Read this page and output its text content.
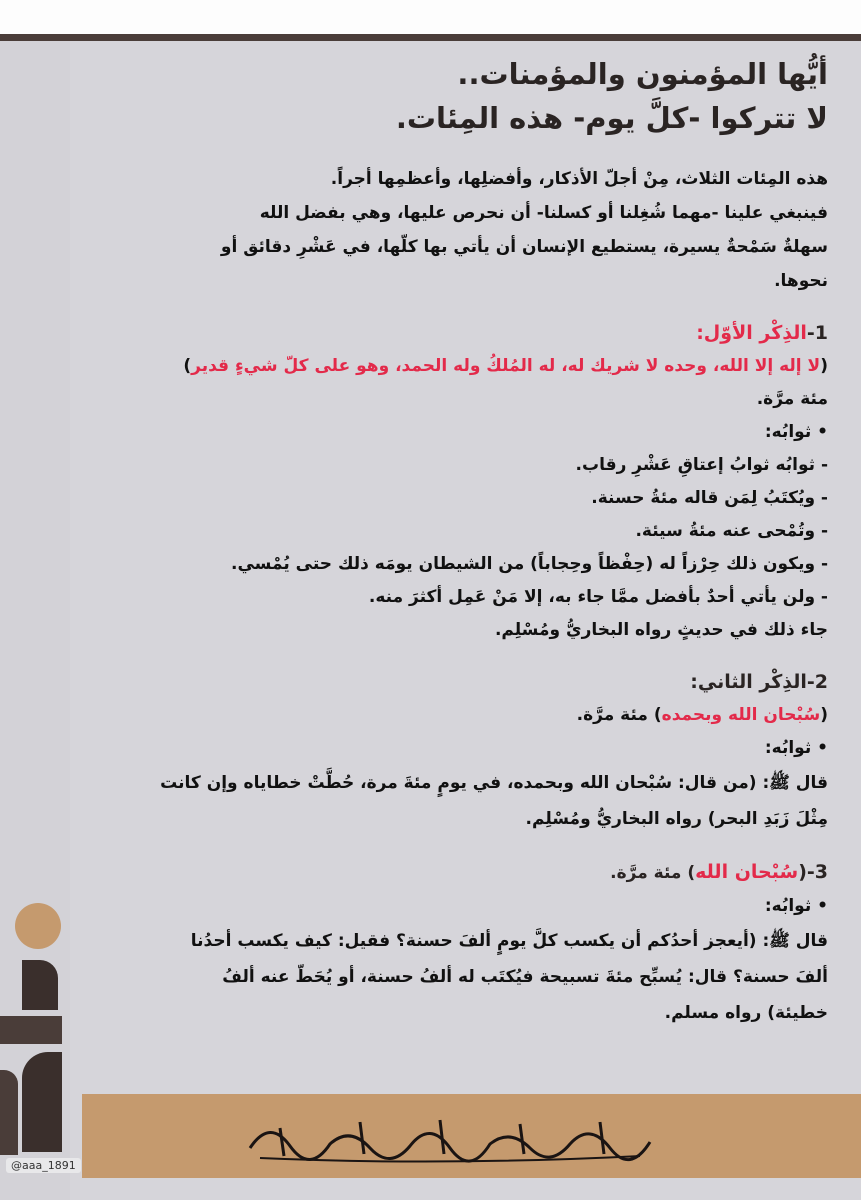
أيُّها المؤمنون والمؤمنات..
لا تتركوا -كلَّ يوم- هذه المِئات.

هذه المِئات الثلاث، مِنْ أجلّ الأذكار، وأفضلِها، وأعظمِها أجراً.

فينبغي علينا -مهما شُغِلنا أو كسلنا- أن نحرص عليها، وهي بفضل الله

سهلةٌ سَمْحةٌ يسيرة، يستطيع الإنسان أن يأتي بها كلّها، في عَشْرِ دقائق أو

نحوها.

1-الذِكْر الأوّل:

(لا إله إلا الله، وحده لا شريك له، له المُلكُ وله الحمد، وهو على كلّ شيءٍ قدير)

مئة مرَّة.

• ثوابُه:

- ثوابُه ثوابُ إعتاقِ عَشْرِ رقاب.

- ويُكتَبُ لِمَن قاله مئةُ حسنة.

- وتُمْحى عنه مئةُ سيئة.

- ويكون ذلك حِرْزاً له (حِفْظاً وحِجاباً) من الشيطان يومَه ذلك حتى يُمْسي.

- ولن يأتي أحدٌ بأفضل ممَّا جاء به، إلا مَنْ عَمِل أكثرَ منه.

جاء ذلك في حديثٍ رواه البخاريُّ ومُسْلِم.

2-الذِكْر الثاني:

(سُبْحان الله وبحمده) مئة مرَّة.

• ثوابُه:

قال ﷺ: (من قال: سُبْحان الله وبحمده، في يومٍ مئةَ مرة، حُطَّتْ خطاياه وإن كانت

مِثْلَ زَبَدِ البحر) رواه البخاريُّ ومُسْلِم.

3-(سُبْحان الله) مئة مرَّة.

• ثوابُه:

قال ﷺ: (أيعجز أحدُكم أن يكسب كلَّ يومٍ ألفَ حسنة؟ فقيل: كيف يكسب أحدُنا

ألفَ حسنة؟ قال: يُسبِّح مئةَ تسبيحة فيُكتَب له ألفُ حسنة، أو يُحَطّ عنه ألفُ

خطيئة) رواه مسلم.

@aaa_1891
